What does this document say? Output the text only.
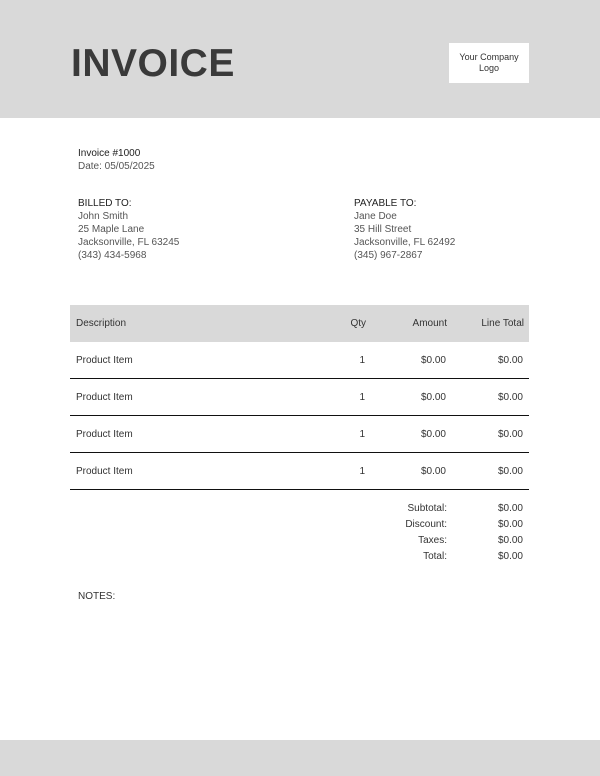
INVOICE	Your Company
Logo
Invoice #1000
Date: 05/05/2025
BILLED TO:
John Smith
25 Maple Lane
Jacksonville, FL 63245
(343) 434-5968
PAYABLE TO:
Jane Doe
35 Hill Street
Jacksonville, FL 62492
(345) 967-2867
Description	Qty	Amount	Line Total
Product Item	1	$0.00	$0.00
Product Item	1	$0.00	$0.00
Product Item	1	$0.00	$0.00
Product Item	1	$0.00	$0.00
Subtotal:	$0.00
Discount:	$0.00
Taxes:	$0.00
Total:	$0.00
NOTES:
